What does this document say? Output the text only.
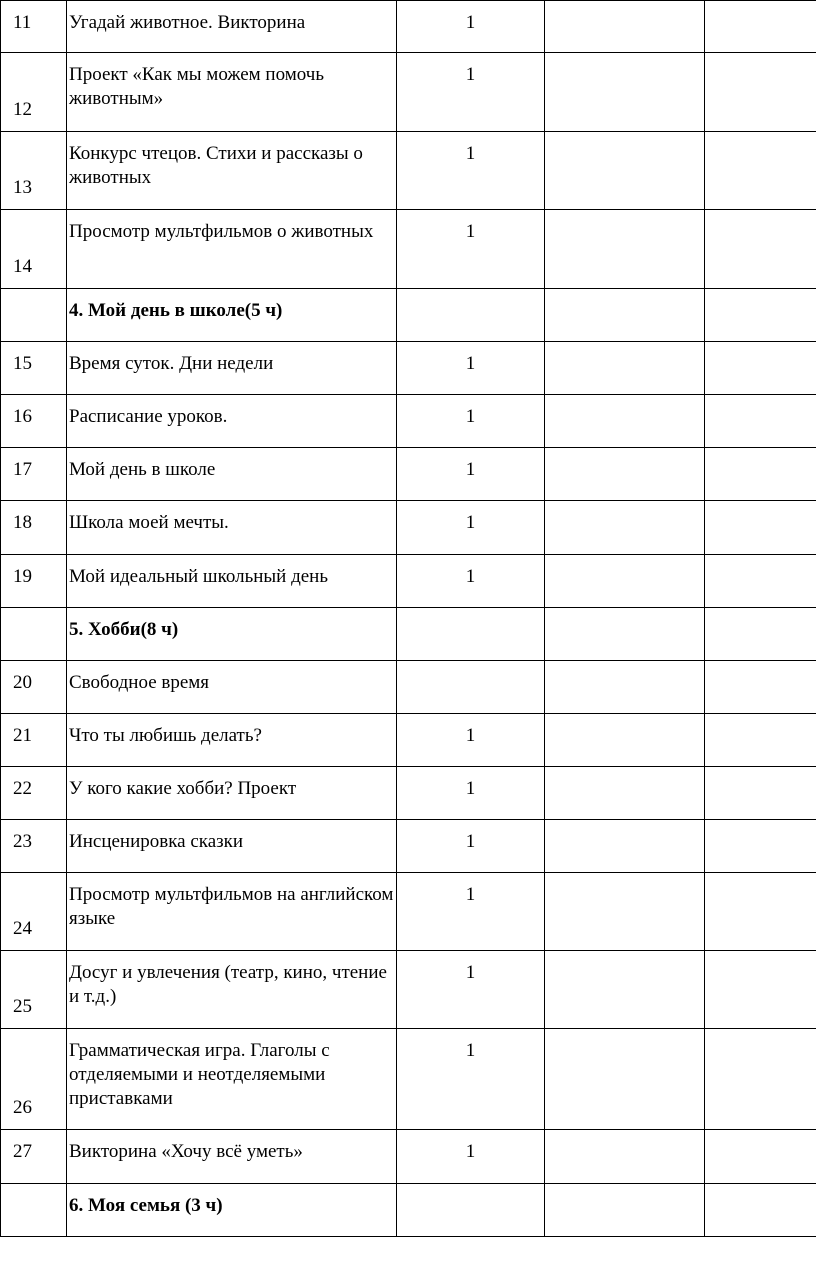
11	Угадай животное. Викторина	1		

12	Проект «Как мы можем помочь животным»	1		

13	Конкурс чтецов. Стихи и рассказы о животных	1		

14	Просмотр мультфильмов о животных	1		

	4. Мой день в школе(5 ч)			

15	Время суток. Дни недели	1		

16	Расписание уроков.	1		

17	Мой день в школе	1		

18	Школа моей мечты.	1		

19	Мой идеальный школьный день	1		

	5. Хобби(8 ч)			

20	Свободное время			

21	Что ты любишь делать?	1		

22	У кого какие хобби? Проект	1		

23	Инсценировка сказки	1		

24	Просмотр мультфильмов на английском языке	1		

25	Досуг и увлечения (театр, кино, чтение и т.д.)	1		

26	Грамматическая игра. Глаголы с отделяемыми и неотделяемыми приставками	1		

27	Викторина «Хочу всё уметь»	1		

	6. Моя семья (3 ч)			
